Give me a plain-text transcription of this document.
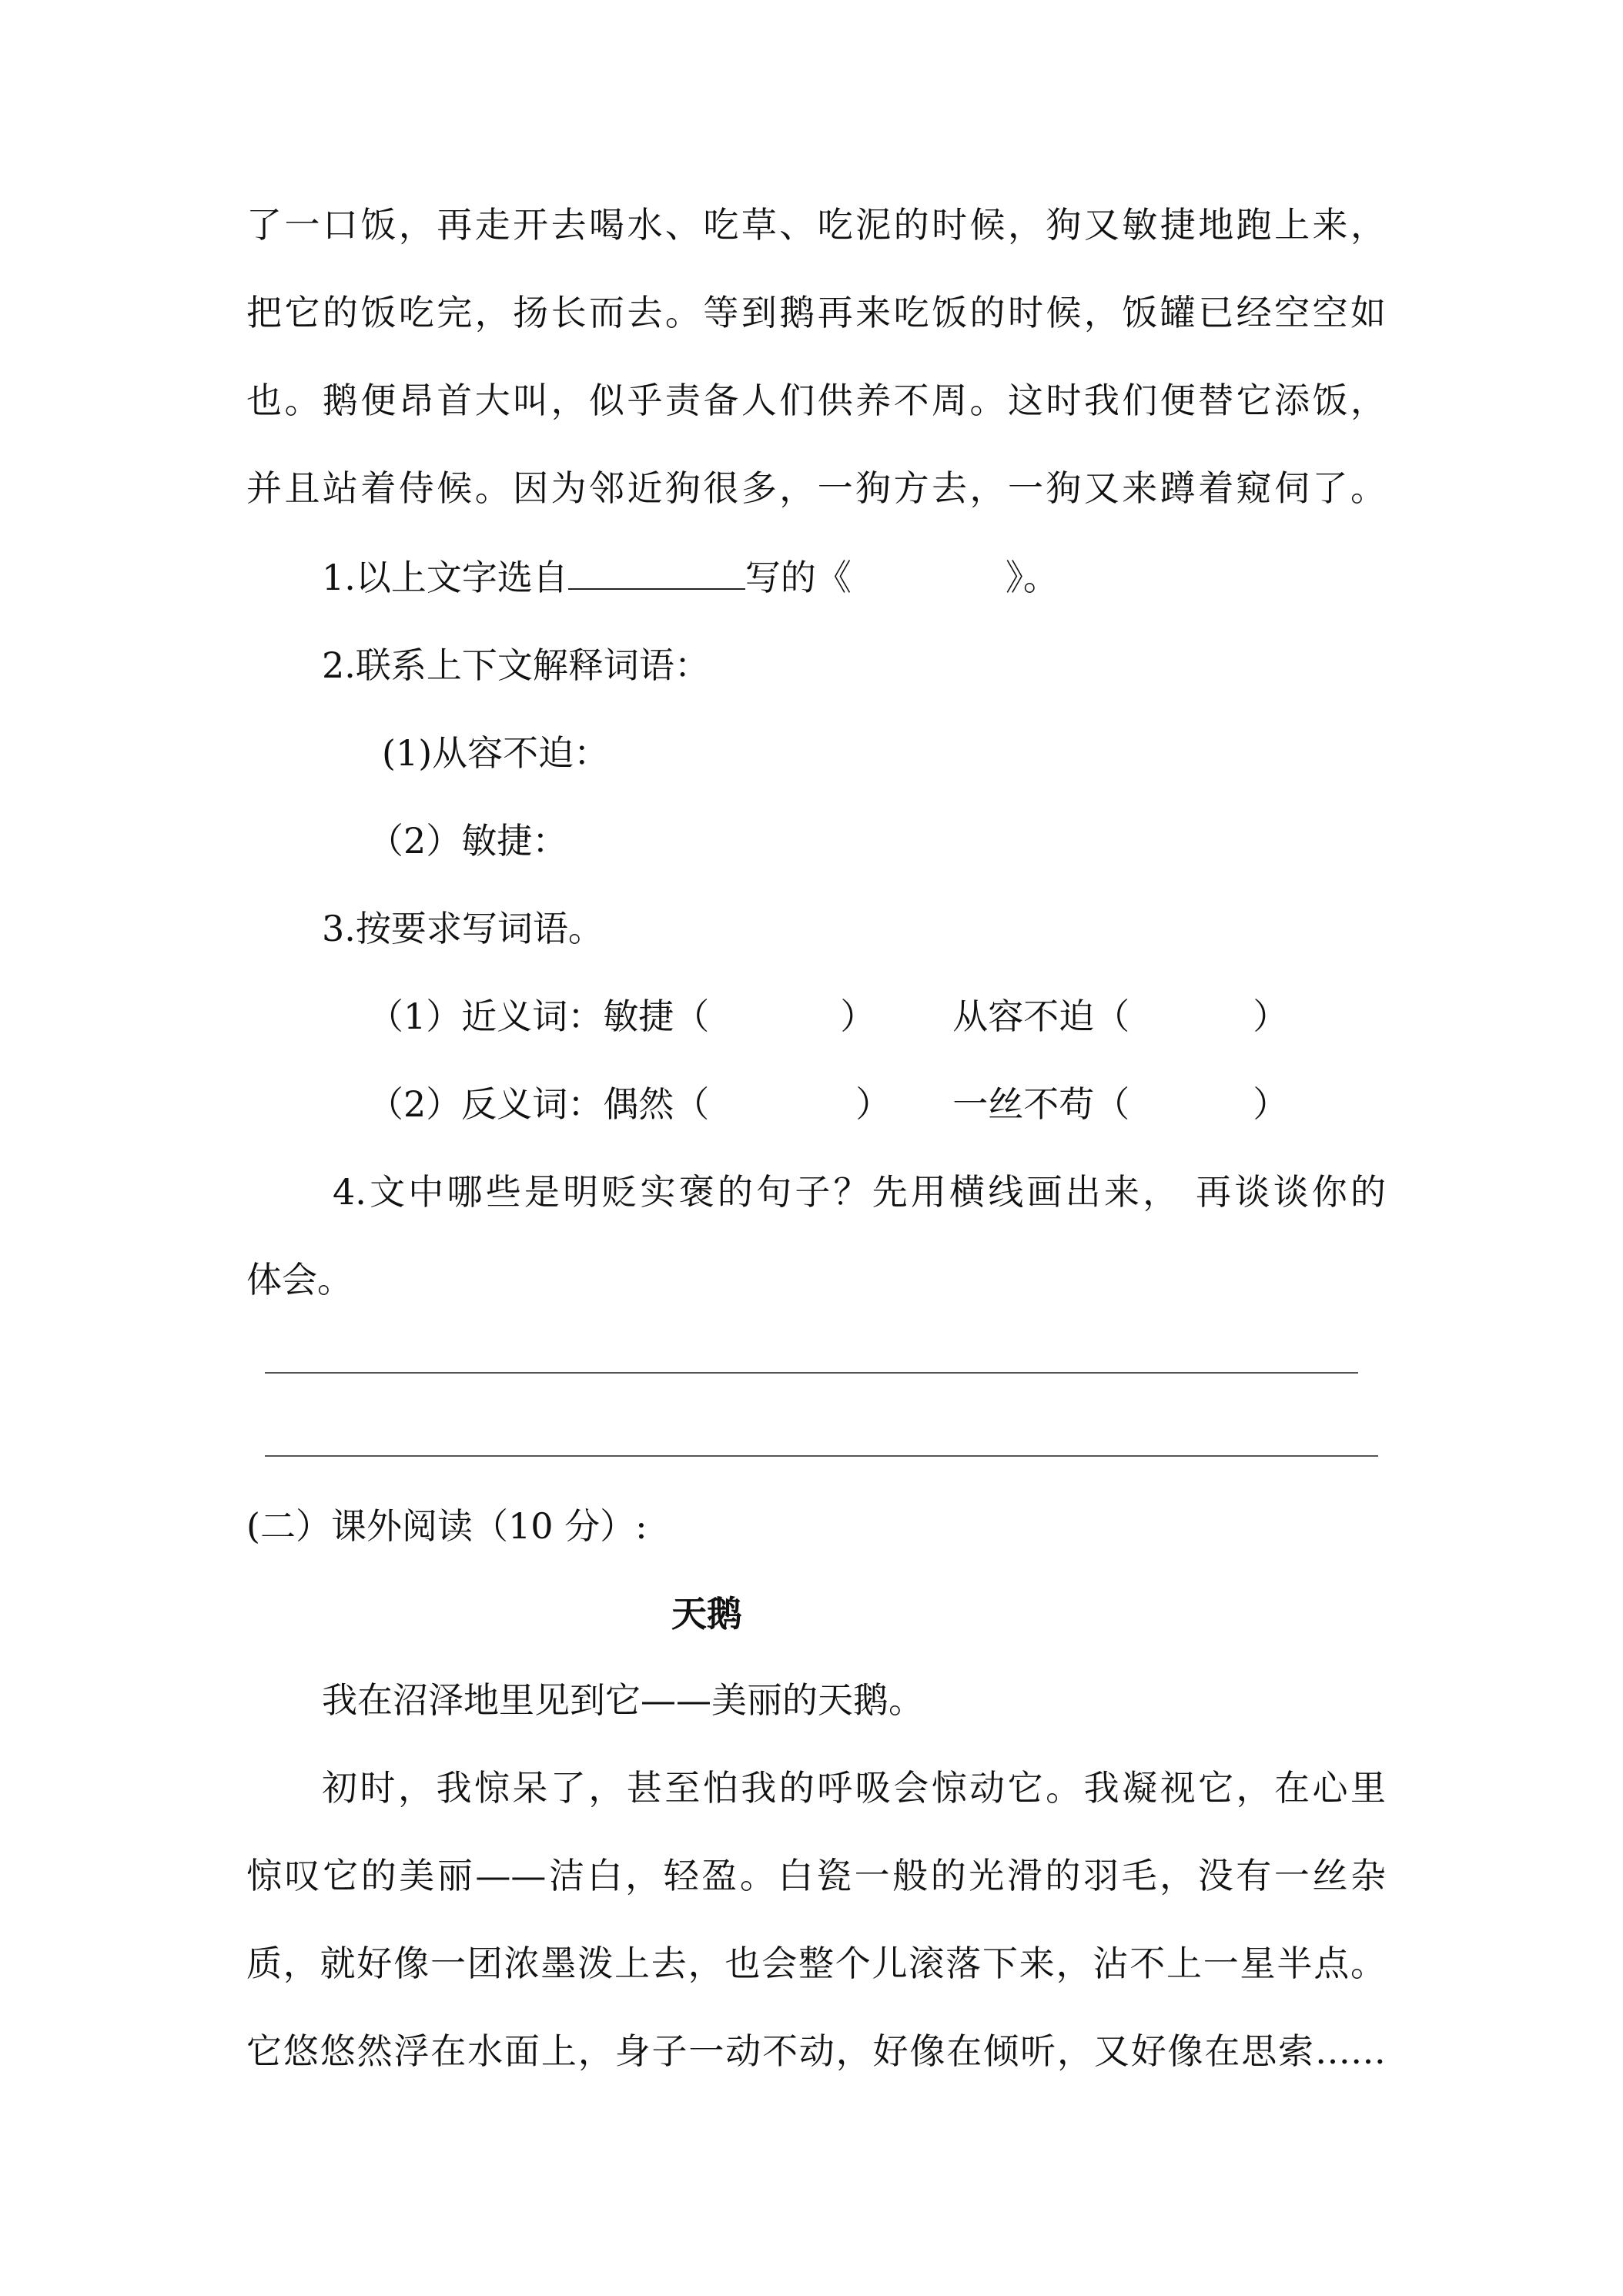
了一口饭，再走开去喝水、吃草、吃泥的时候，狗又敏捷地跑上来，
把它的饭吃完，扬长而去。等到鹅再来吃饭的时候，饭罐已经空空如
也。鹅便昂首大叫，似乎责备人们供养不周。这时我们便替它添饭，
并且站着侍候。因为邻近狗很多，一狗方去，一狗又来蹲着窥伺了。
1.以上文字选自	写的《	》。
2.联系上下文解释词语：
(1)从容不迫：
（2）敏捷：
3.按要求写词语。
（1）近义词：敏捷（	） 从容不迫（	）
（2）反义词：偶然（	） 一丝不苟（	）
4.文中哪些是明贬实褒的句子？先用横线画出来， 再谈谈你的
体会。
(二）课外阅读（10 分）:
天鹅
我在沼泽地里见到它——美丽的天鹅。
初时，我惊呆了，甚至怕我的呼吸会惊动它。我凝视它，在心里
惊叹它的美丽——洁白，轻盈。白瓷一般的光滑的羽毛，没有一丝杂
质，就好像一团浓墨泼上去，也会整个儿滚落下来，沾不上一星半点。
它悠悠然浮在水面上，身子一动不动，好像在倾听，又好像在思索……
